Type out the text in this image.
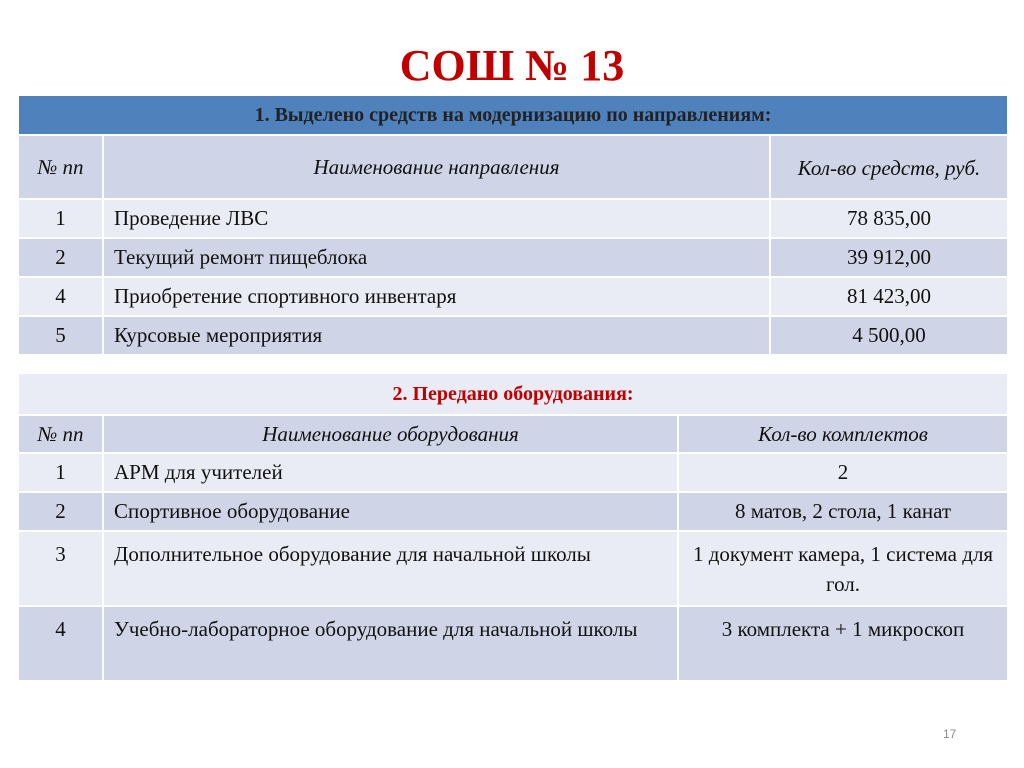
СОШ № 13
1. Выделено средств на модернизацию по направлениям:		
№ пп	Наименование направления	Кол-во средств, руб.
1	Проведение ЛВС	78 835,00
2	Текущий ремонт пищеблока	39 912,00
4	Приобретение спортивного инвентаря	81 423,00
5	Курсовые мероприятия	4 500,00
2. Передано оборудования:		
№ пп	Наименование оборудования	Кол-во комплектов
1	АРМ для учителей	2
2	Спортивное оборудование	8 матов, 2 стола, 1 канат
3	Дополнительное оборудование для начальной школы	1 документ камера, 1 система для гол.
4	Учебно-лабораторное оборудование для начальной школы	3 комплекта + 1 микроскоп
17
